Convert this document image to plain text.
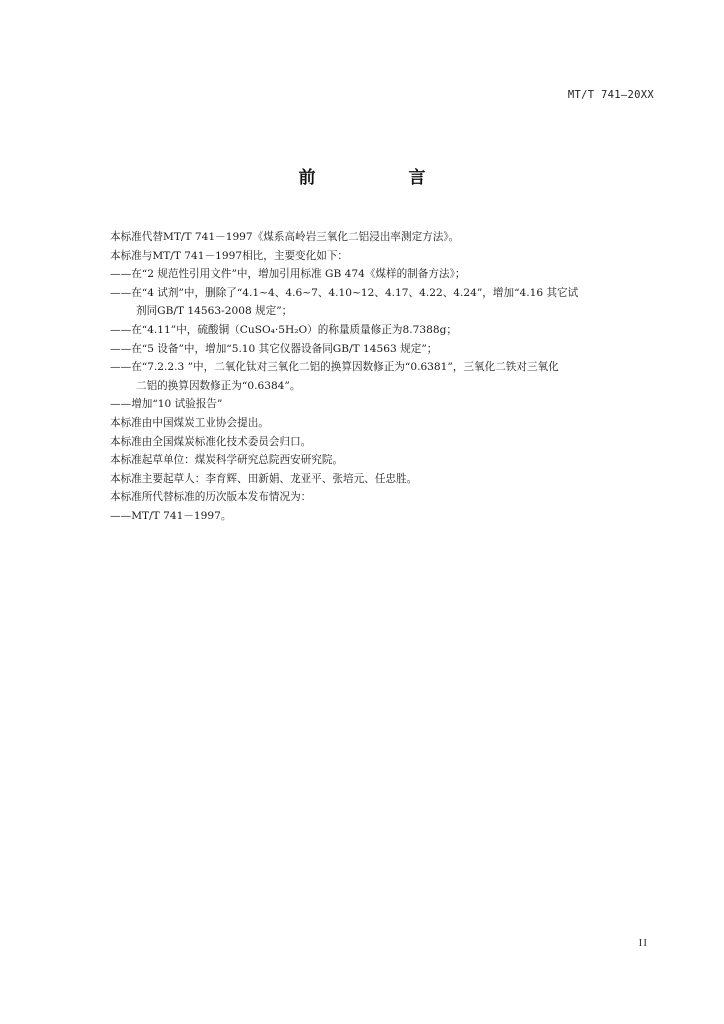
MT/T 741—20XX
前　言
本标准代替MT/T 741－1997《煤系高岭岩三氧化二铝浸出率测定方法》。
本标准与MT/T 741－1997相比，主要变化如下：
——在“2 规范性引用文件”中，增加引用标准 GB 474《煤样的制备方法》；
——在“4 试剂”中，删除了“4.1~4、4.6~7、4.10~12、4.17、4.22、4.24”，增加“4.16 其它试
剂同GB/T 14563-2008 规定”；
——在“4.11”中，硫酸铜（CuSO₄·5H₂O）的称量质量修正为8.7388g；
——在“5 设备”中，增加“5.10 其它仪器设备同GB/T 14563 规定”；
——在“7.2.2.3 ”中，二氧化钛对三氧化二铝的换算因数修正为“0.6381”，三氧化二铁对三氧化
二铝的换算因数修正为“0.6384”。
——增加“10 试验报告”
本标准由中国煤炭工业协会提出。
本标准由全国煤炭标准化技术委员会归口。
本标准起草单位：煤炭科学研究总院西安研究院。
本标准主要起草人：李育辉、田新娟、龙亚平、张培元、任忠胜。
本标准所代替标准的历次版本发布情况为：
——MT/T 741－1997。
II
